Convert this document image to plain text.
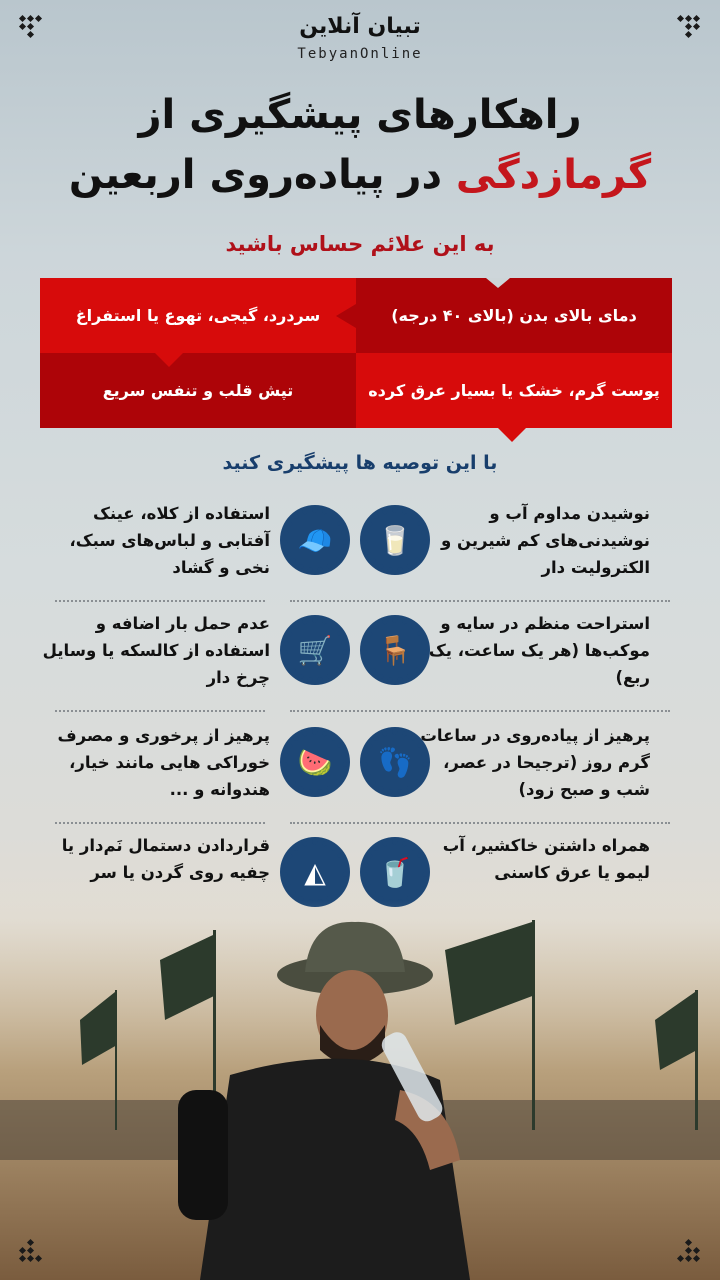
تبیان آنلاین
TebyanOnline
راهکارهای پیشگیری از
گرمازدگی در پیاده‌روی اربعین
به این علائم حساس باشید
دمای بالای بدن (بالای ۴۰ درجه)
سردرد، گیجی، تهوع یا استفراغ
پوست گرم، خشک یا بسیار عرق کرده
تپش قلب و تنفس سریع
با این توصیه ها پیشگیری کنید
🥛
نوشیدن مداوم آب و نوشیدنی‌های کم شیرین و الکترولیت دار
🧢
استفاده از کلاه، عینک آفتابی و لباس‌های سبک، نخی و گشاد
🪑
استراحت منظم در سایه و موکب‌ها (هر یک ساعت، یک ربع)
🛒
عدم حمل بار اضافه و استفاده از کالسکه یا وسایل چرخ دار
👣
پرهیز از پیاده‌روی در ساعات گرم روز (ترجیحا در عصر، شب و صبح زود)
🍉
پرهیز از پرخوری و مصرف خوراکی هایی مانند خیار، هندوانه و ...
🥤
همراه داشتن خاکشیر، آب لیمو یا عرق کاسنی
◭
قراردادن دستمال نَم‌دار یا چفیه روی گردن یا سر
